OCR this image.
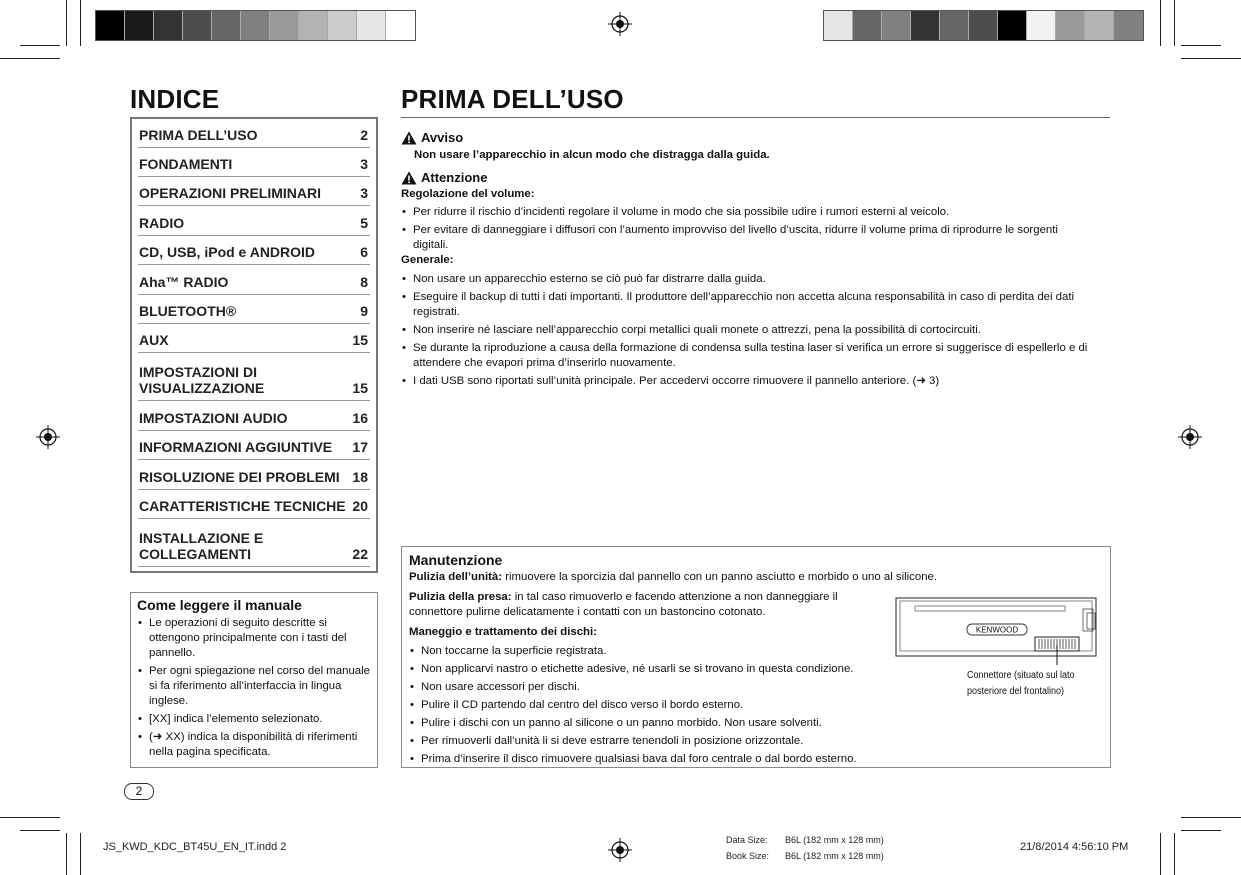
INDICE
PRIMA DELL’USO	2
FONDAMENTI	3
OPERAZIONI PRELIMINARI	3
RADIO	5
CD, USB, iPod e ANDROID	6
Aha™ RADIO	8
BLUETOOTH®	9
AUX	15
IMPOSTAZIONI DI VISUALIZZAZIONE	15
IMPOSTAZIONI AUDIO	16
INFORMAZIONI AGGIUNTIVE 17
RISOLUZIONE DEI PROBLEMI 18
CARATTERISTICHE TECNICHE 20
INSTALLAZIONE E COLLEGAMENTI	22
Come leggere il manuale
• Le operazioni di seguito descritte si ottengono principalmente con i tasti del pannello.
• Per ogni spiegazione nel corso del manuale si fa riferimento all’interfaccia in lingua inglese.
• [XX] indica l’elemento selezionato.
• (➜ XX) indica la disponibilità di riferimenti nella pagina specificata.
PRIMA DELL’USO
Avviso
Non usare l’apparecchio in alcun modo che distragga dalla guida.
Attenzione
Regolazione del volume:
• Per ridurre il rischio d’incidenti regolare il volume in modo che sia possibile udire i rumori esterni al veicolo.
• Per evitare di danneggiare i diffusori con l’aumento improvviso del livello d’uscita, ridurre il volume prima di riprodurre le sorgenti digitali.
Generale:
• Non usare un apparecchio esterno se ciò può far distrarre dalla guida.
• Eseguire il backup di tutti i dati importanti. Il produttore dell’apparecchio non accetta alcuna responsabilità in caso di perdita dei dati registrati.
• Non inserire né lasciare nell’apparecchio corpi metallici quali monete o attrezzi, pena la possibilità di cortocircuiti.
• Se durante la riproduzione a causa della formazione di condensa sulla testina laser si verifica un errore si suggerisce di espellerlo e di attendere che evapori prima d’inserirlo nuovamente.
• I dati USB sono riportati sull’unità principale. Per accedervi occorre rimuovere il pannello anteriore. (➜ 3)
Manutenzione
Pulizia dell’unità: rimuovere la sporcizia dal pannello con un panno asciutto e morbido o uno al silicone.
Pulizia della presa: in tal caso rimuoverlo e facendo attenzione a non danneggiare il connettore pulirne delicatamente i contatti con un bastoncino cotonato.
Maneggio e trattamento dei dischi:
• Non toccarne la superficie registrata.
• Non applicarvi nastro o etichette adesive, né usarli se si trovano in questa condizione.
• Non usare accessori per dischi.
• Pulire il CD partendo dal centro del disco verso il bordo esterno.
• Pulire i dischi con un panno al silicone o un panno morbido. Non usare solventi.
• Per rimuoverli dall’unità li si deve estrarre tenendoli in posizione orizzontale.
• Prima d’inserire il disco rimuovere qualsiasi bava dal foro centrale o dal bordo esterno.
KENWOOD
Connettore (situato sul lato posteriore del frontalino)
2
JS_KWD_KDC_BT45U_EN_IT.indd 2
Data Size: B6L (182 mm x 128 mm)
Book Size: B6L (182 mm x 128 mm)
21/8/2014 4:56:10 PM
